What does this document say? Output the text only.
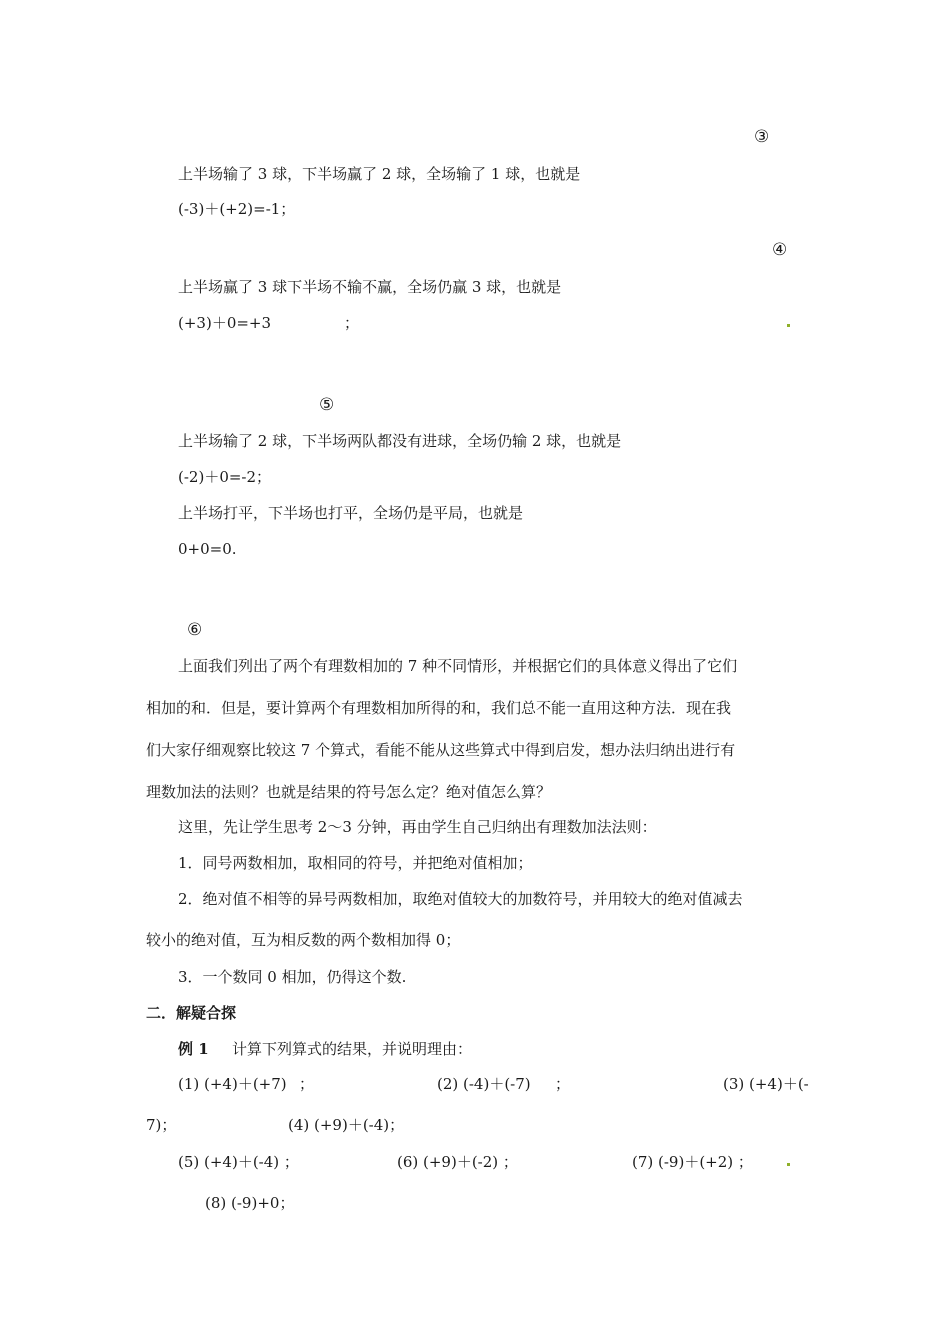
③
上半场输了 3 球，下半场赢了 2 球，全场输了 1 球，也就是
(-3)＋(+2)=-1；
④
上半场赢了 3 球下半场不输不赢，全场仍赢 3 球，也就是
(+3)＋0=+3	；
⑤
上半场输了 2 球，下半场两队都没有进球，全场仍输 2 球，也就是
(-2)＋0=-2；
上半场打平，下半场也打平，全场仍是平局，也就是
0+0=0.
⑥
上面我们列出了两个有理数相加的 7 种不同情形，并根据它们的具体意义得出了它们
相加的和．但是，要计算两个有理数相加所得的和，我们总不能一直用这种方法．现在我
们大家仔细观察比较这 7 个算式，看能不能从这些算式中得到启发，想办法归纳出进行有
理数加法的法则？也就是结果的符号怎么定？绝对值怎么算？
这里，先让学生思考 2～3 分钟，再由学生自己归纳出有理数加法法则：
1．同号两数相加，取相同的符号，并把绝对值相加；
2．绝对值不相等的异号两数相加，取绝对值较大的加数符号，并用较大的绝对值减去
较小的绝对值，互为相反数的两个数相加得 0；
3．一个数同 0 相加，仍得这个数.
二．解疑合探
例 1 计算下列算式的结果，并说明理由：
(1) (+4)＋(+7) ；	(2) (-4)＋(-7) ；	(3) (+4)＋(-
7)；	(4) (+9)＋(-4)；
(5) (+4)＋(-4) ；	(6) (+9)＋(-2) ；	(7) (-9)＋(+2) ；
(8) (-9)+0；
